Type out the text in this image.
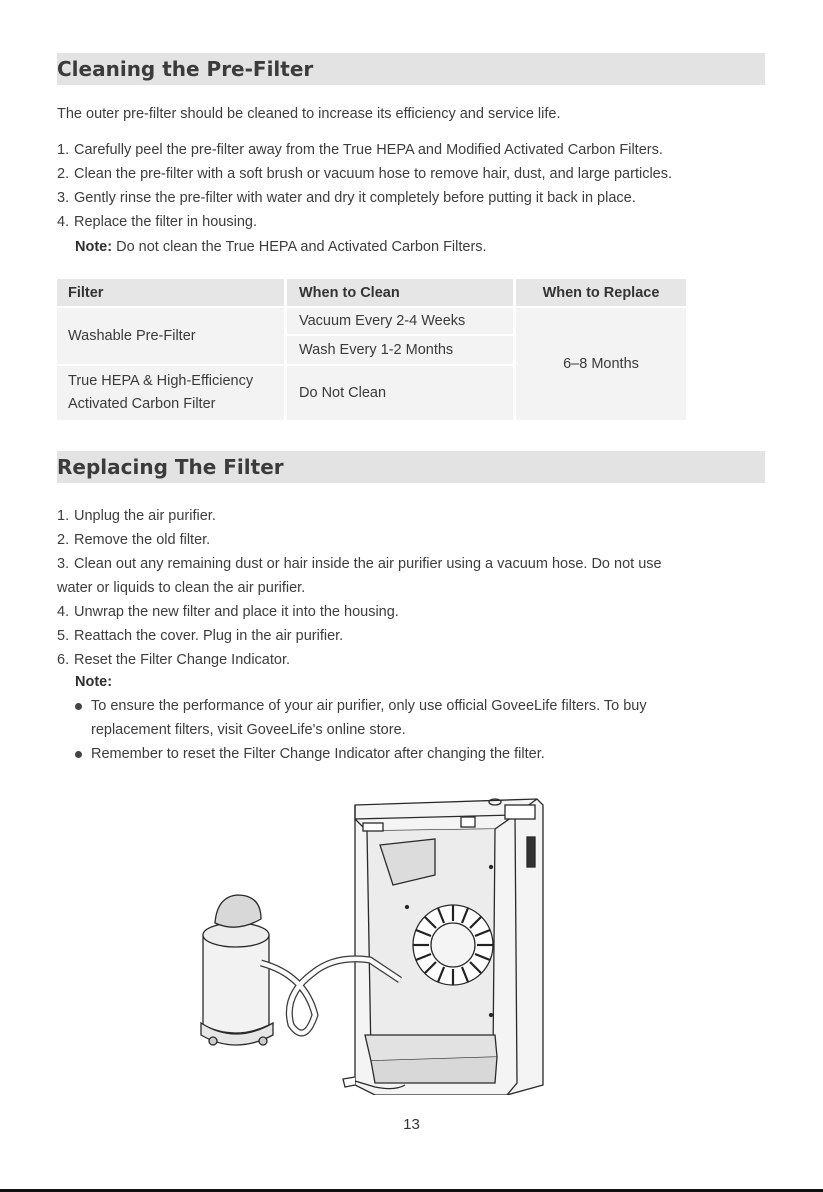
Cleaning the Pre-Filter
The outer pre-filter should be cleaned to increase its efficiency and service life.
1. Carefully peel the pre-filter away from the True HEPA and Modified Activated Carbon Filters.
2. Clean the pre-filter with a soft brush or vacuum hose to remove hair, dust, and large particles.
3. Gently rinse the pre-filter with water and dry it completely before putting it back in place.
4. Replace the filter in housing.
Note: Do not clean the True HEPA and Activated Carbon Filters.
Filter	When to Clean	When to Replace
Washable Pre-Filter
Vacuum Every 2-4 Weeks
Wash Every 1-2 Months
True HEPA & High-Efficiency
Activated Carbon Filter
Do Not Clean
6–8 Months
Replacing The Filter
1. Unplug the air purifier.
2. Remove the old filter.
3. Clean out any remaining dust or hair inside the air purifier using a vacuum hose. Do not use
water or liquids to clean the air purifier.
4. Unwrap the new filter and place it into the housing.
5. Reattach the cover. Plug in the air purifier.
6. Reset the Filter Change Indicator.
Note:
To ensure the performance of your air purifier, only use official GoveeLife filters. To buy
replacement filters, visit GoveeLife's online store.
Remember to reset the Filter Change Indicator after changing the filter.
13
